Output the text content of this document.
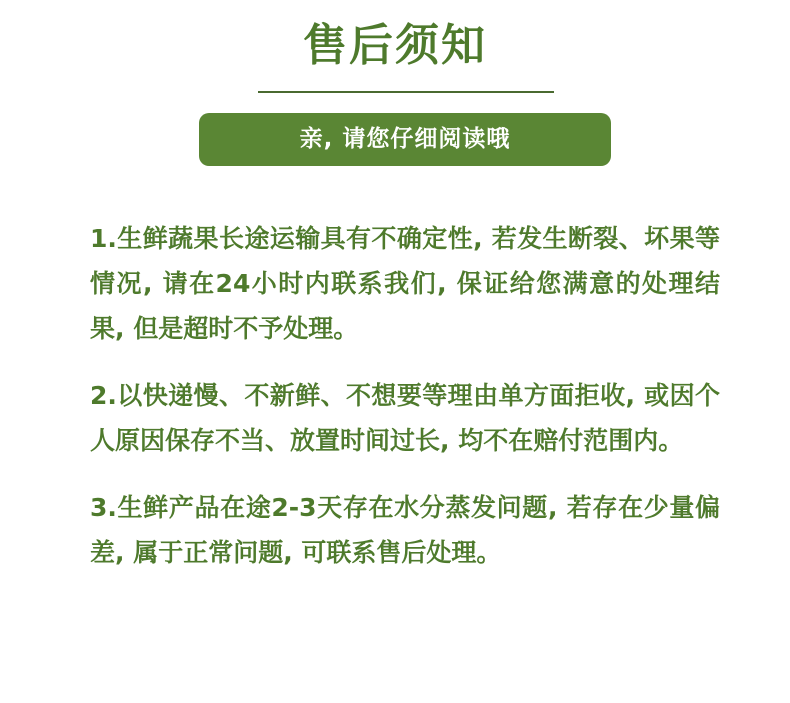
售后须知
亲, 请您仔细阅读哦

1.生鲜蔬果长途运输具有不确定性, 若发生断裂、坏果等情况, 请在24小时内联系我们, 保证给您满意的处理结果, 但是超时不予处理。

2.以快递慢、不新鲜、不想要等理由单方面拒收, 或因个人原因保存不当、放置时间过长, 均不在赔付范围内。

3.生鲜产品在途2-3天存在水分蒸发问题, 若存在少量偏差, 属于正常问题, 可联系售后处理。
